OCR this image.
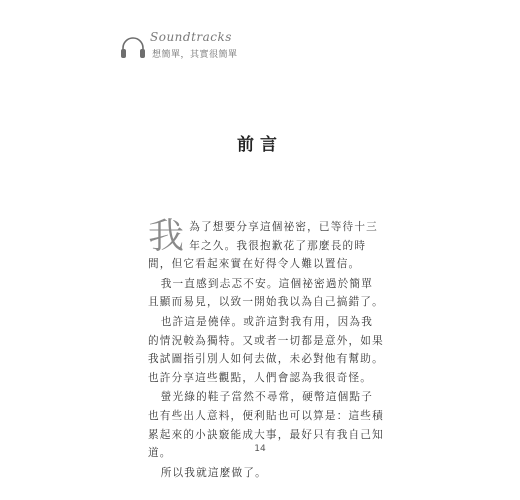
Soundtracks
想簡單，其實很簡單
前言

我為了想要分享這個祕密，已等待十三年之久。我很抱歉花了那麼長的時間，但它看起來實在好得令人難以置信。

我一直感到忐忑不安。這個祕密過於簡單且顯而易見，以致一開始我以為自己搞錯了。

也許這是僥倖。或許這對我有用，因為我的情況較為獨特。又或者一切都是意外，如果我試圖指引別人如何去做，未必對他有幫助。也許分享這些觀點，人們會認為我很奇怪。

螢光綠的鞋子當然不尋常，硬幣這個點子也有些出人意料，便利貼也可以算是：這些積累起來的小訣竅能成大事，最好只有我自己知道。

所以我就這麼做了。

14
